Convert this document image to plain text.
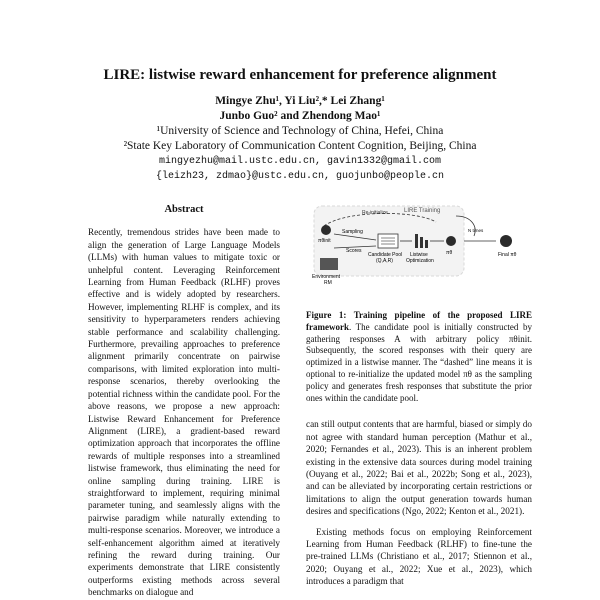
LIRE: listwise reward enhancement for preference alignment
Mingye Zhu¹, Yi Liu²,* Lei Zhang¹
Junbo Guo² and Zhendong Mao¹
¹University of Science and Technology of China, Hefei, China
²State Key Laboratory of Communication Content Cognition, Beijing, China
mingyezhu@mail.ustc.edu.cn, gavin1332@gmail.com
{leizh23, zdmao}@ustc.edu.cn, guojunbo@people.cn
Abstract
Recently, tremendous strides have been made to align the generation of Large Language Models (LLMs) with human values to mitigate toxic or unhelpful content. Leveraging Reinforcement Learning from Human Feedback (RLHF) proves effective and is widely adopted by researchers. However, implementing RLHF is complex, and its sensitivity to hyperparameters renders achieving stable performance and scalability challenging. Furthermore, prevailing approaches to preference alignment primarily concentrate on pairwise comparisons, with limited exploration into multi-response scenarios, thereby overlooking the potential richness within the candidate pool. For the above reasons, we propose a new approach: Listwise Reward Enhancement for Preference Alignment (LIRE), a gradient-based reward optimization approach that incorporates the offline rewards of multiple responses into a streamlined listwise framework, thus eliminating the need for online sampling during training. LIRE is straightforward to implement, requiring minimal parameter tuning, and seamlessly aligns with the pairwise paradigm while naturally extending to multi-response scenarios. Moreover, we introduce a self-enhancement algorithm aimed at iteratively refining the reward during training. Our experiments demonstrate that LIRE consistently outperforms existing methods across several benchmarks on dialogue and
LIRE Training
Re-initialize
πθinit
Sampling
Scores
Candidate Pool
(Q,A,R)
Listwise
Optimization
πθ
N times
Final πθ
Environment
RM
Figure 1: Training pipeline of the proposed LIRE framework. The candidate pool is initially constructed by gathering responses A with arbitrary policy πθinit. Subsequently, the scored responses with their query are optimized in a listwise manner. The “dashed” line means it is optional to re-initialize the updated model πθ as the sampling policy and generates fresh responses that substitute the prior ones within the candidate pool.

can still output contents that are harmful, biased or simply do not agree with standard human perception (Mathur et al., 2020; Fernandes et al., 2023). This is an inherent problem existing in the extensive data sources during model training (Ouyang et al., 2022; Bai et al., 2022b; Song et al., 2023), and can be alleviated by incorporating certain restrictions or limitations to align the output generation towards human desires and specifications (Ngo, 2022; Kenton et al., 2021).

Existing methods focus on employing Reinforcement Learning from Human Feedback (RLHF) to fine-tune the pre-trained LLMs (Christiano et al., 2017; Stiennon et al., 2020; Ouyang et al., 2022; Xue et al., 2023), which introduces a paradigm that
